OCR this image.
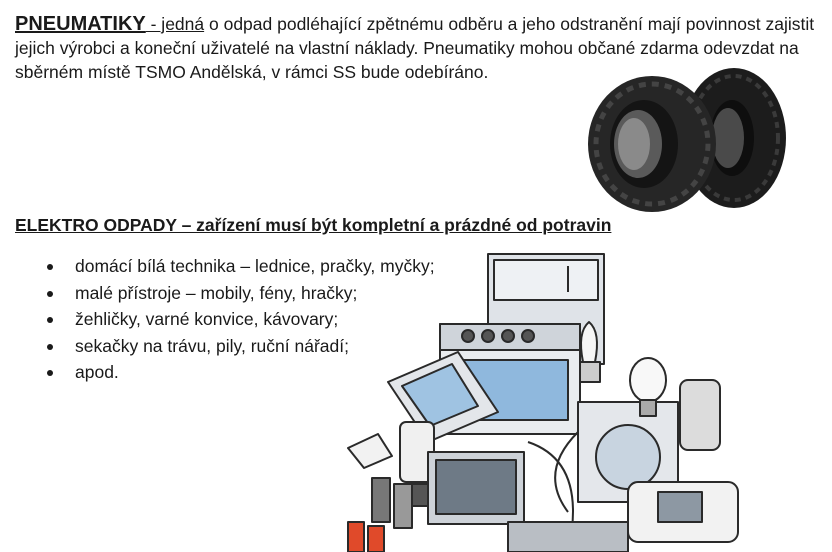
PNEUMATIKY - jedná o odpad podléhající zpětnému odběru a jeho odstranění mají povinnost zajistit jejich výrobci a koneční uživatelé na vlastní náklady. Pneumatiky mohou občané zdarma odevzdat na sběrném místě TSMO Andělská, v rámci SS bude odebíráno.
ELEKTRO ODPADY – zařízení musí být kompletní a prázdné od potravin
domácí bílá technika – lednice, pračky, myčky;
malé přístroje – mobily, fény, hračky;
žehličky, varné konvice, kávovary;
sekačky na trávu, pily, ruční nářadí;
apod.
